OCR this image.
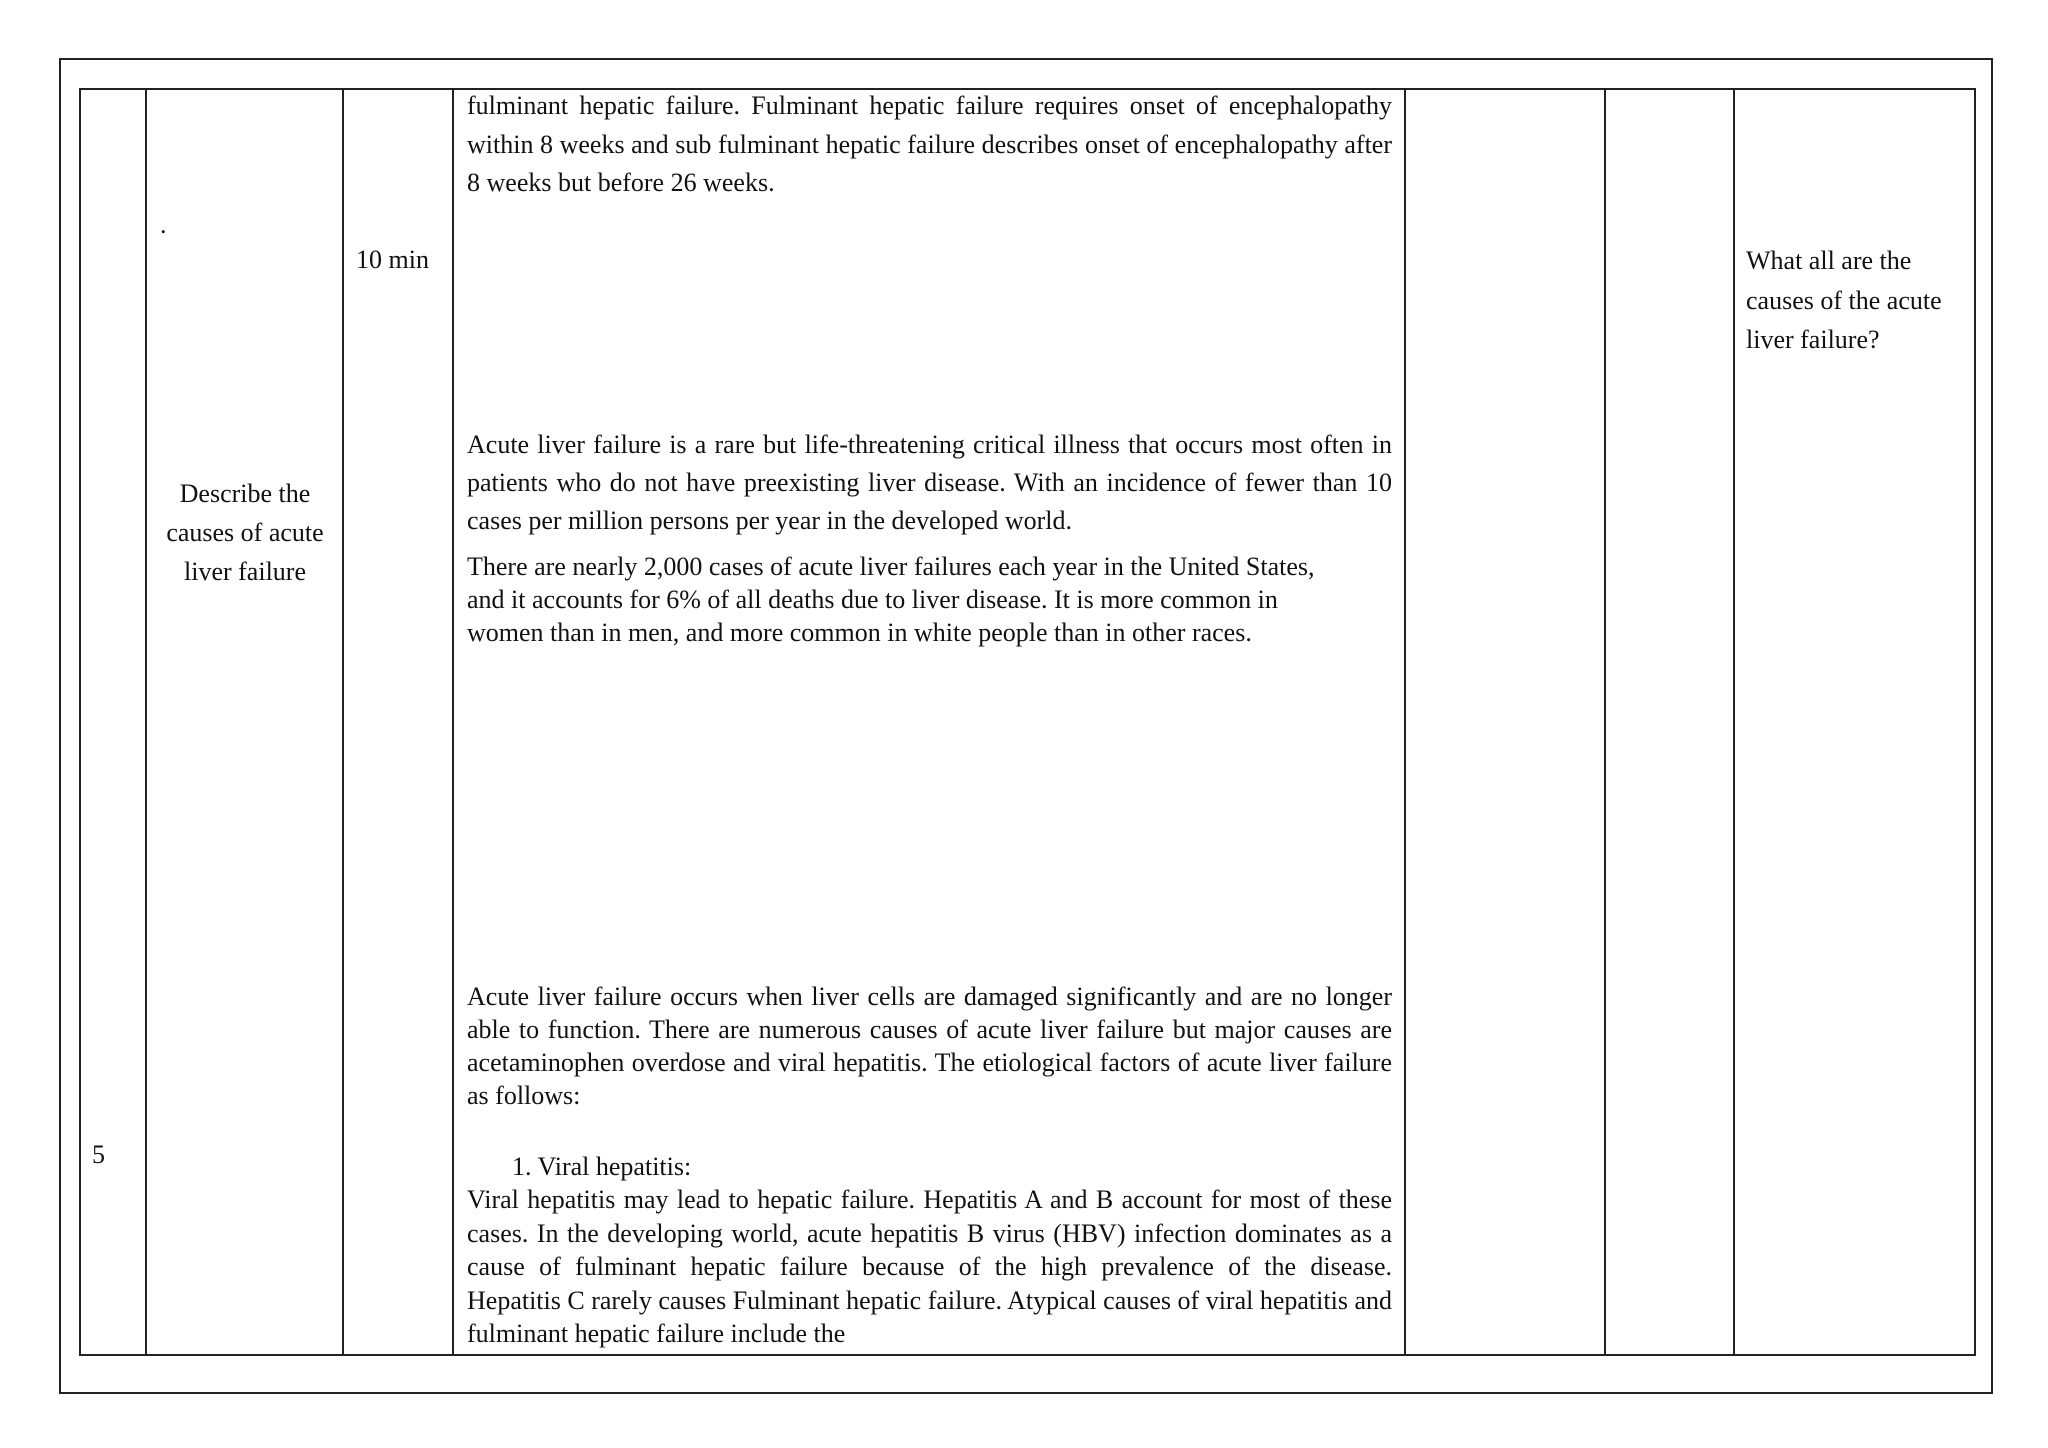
5

.

Describe the causes of acute liver failure

10 min

fulminant hepatic failure. Fulminant hepatic failure requires onset of encephalopathy within 8 weeks and sub fulminant hepatic failure describes onset of encephalopathy after 8 weeks but before 26 weeks.

Acute liver failure is a rare but life-threatening critical illness that occurs most often in patients who do not have preexisting liver disease. With an incidence of fewer than 10 cases per million persons per year in the developed world.

There are nearly 2,000 cases of acute liver failures each year in the United States, and it accounts for 6% of all deaths due to liver disease. It is more common in women than in men, and more common in white people than in other races.

Acute liver failure occurs when liver cells are damaged significantly and are no longer able to function. There are numerous causes of acute liver failure but major causes are acetaminophen overdose and viral hepatitis. The etiological factors of acute liver failure as follows:

1. Viral hepatitis:

Viral hepatitis may lead to hepatic failure. Hepatitis A and B account for most of these cases. In the developing world, acute hepatitis B virus (HBV) infection dominates as a cause of fulminant hepatic failure because of the high prevalence of the disease. Hepatitis C rarely causes Fulminant hepatic failure. Atypical causes of viral hepatitis and fulminant hepatic failure include the

What all are the causes of the acute liver failure?
